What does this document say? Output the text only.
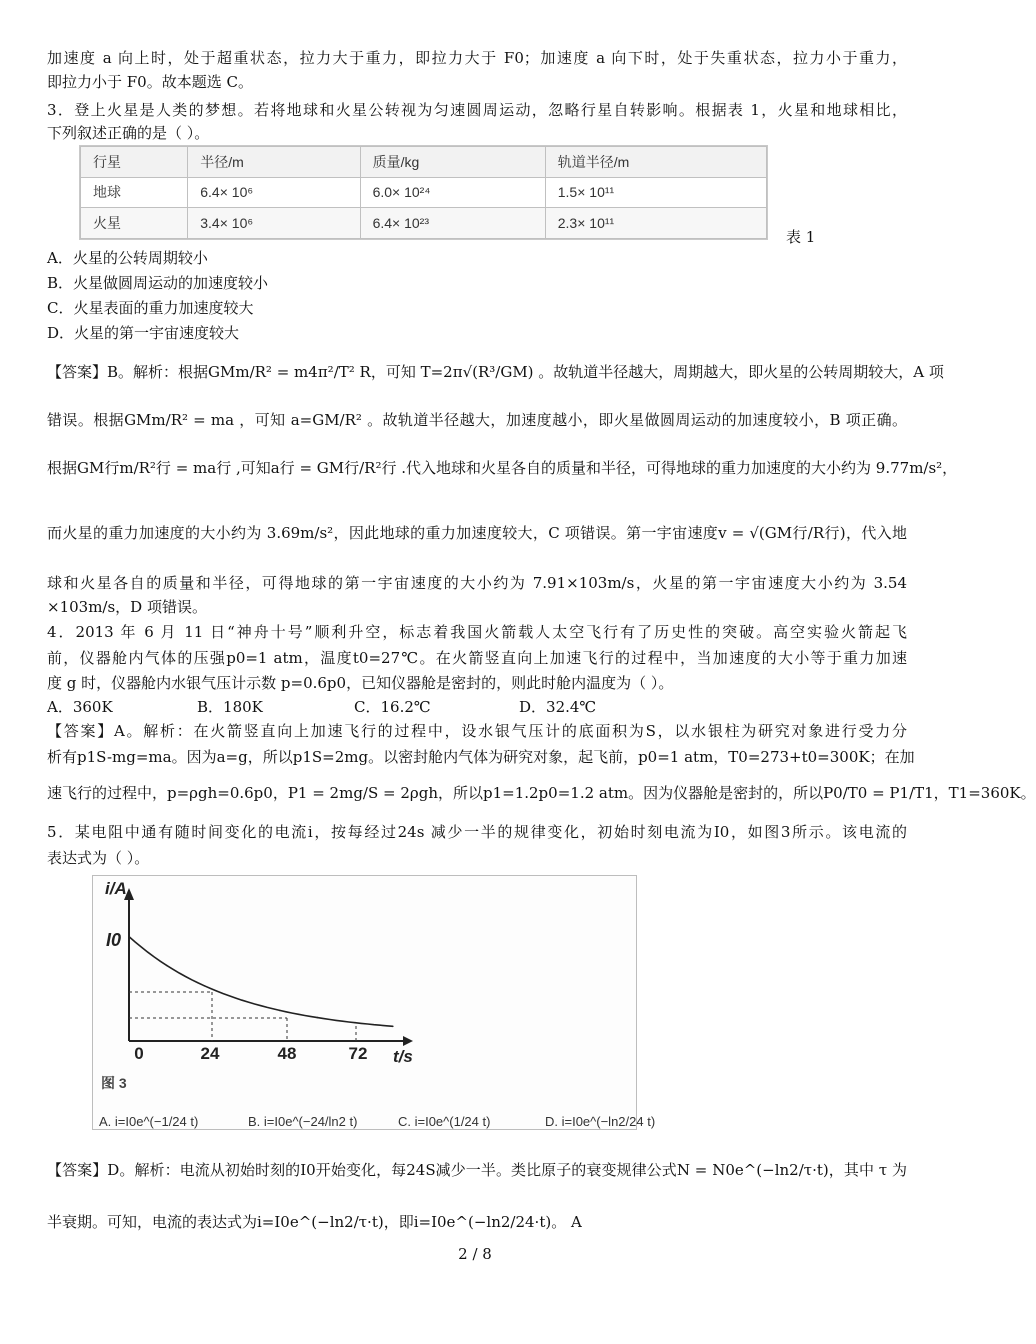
加速度 a 向上时，处于超重状态，拉力大于重力，即拉力大于 F0；加速度 a 向下时，处于失重状态，拉力小于重力，
即拉力小于 F0。故本题选 C。
3．登上火星是人类的梦想。若将地球和火星公转视为匀速圆周运动，忽略行星自转影响。根据表 1，火星和地球相比，
下列叙述正确的是（ ）。
行星	半径/m	质量/kg	轨道半径/m
地球	6.4× 10⁶	6.0× 10²⁴	1.5× 10¹¹
火星	3.4× 10⁶	6.4× 10²³	2.3× 10¹¹
表 1
A．火星的公转周期较小
B．火星做圆周运动的加速度较小
C．火星表面的重力加速度较大
D．火星的第一宇宙速度较大
【答案】B。解析：根据GMm/R² = m4π²/T² R，可知 T=2π√(R³/GM) 。故轨道半径越大，周期越大，即火星的公转周期较大，A 项
错误。根据GMm/R² = ma ，可知 a=GM/R² 。故轨道半径越大，加速度越小，即火星做圆周运动的加速度较小，B 项正确。
根据GM行m/R²行 = ma行 ,可知a行 = GM行/R²行 .代入地球和火星各自的质量和半径，可得地球的重力加速度的大小约为 9.77m/s²，
而火星的重力加速度的大小约为 3.69m/s²，因此地球的重力加速度较大，C 项错误。第一宇宙速度v = √(GM行/R行)，代入地
球和火星各自的质量和半径，可得地球的第一宇宙速度的大小约为 7.91×103m/s，火星的第一宇宙速度大小约为 3.54
×103m/s，D 项错误。
4．2013 年 6 月 11 日“神舟十号”顺利升空，标志着我国火箭载人太空飞行有了历史性的突破。高空实验火箭起飞
前，仪器舱内气体的压强p0=1 atm，温度t0=27℃。在火箭竖直向上加速飞行的过程中，当加速度的大小等于重力加速
度 g 时，仪器舱内水银气压计示数 p=0.6p0，已知仪器舱是密封的，则此时舱内温度为（ ）。
A．360K	B．180K	C．16.2℃	D．32.4℃
【答案】A。解析：在火箭竖直向上加速飞行的过程中，设水银气压计的底面积为S，以水银柱为研究对象进行受力分
析有p1S-mg=ma。因为a=g，所以p1S=2mg。以密封舱内气体为研究对象，起飞前，p0=1 atm，T0=273+t0=300K；在加
速飞行的过程中，p=ρgh=0.6p0，P1 = 2mg/S = 2ρgh，所以p1=1.2p0=1.2 atm。因为仪器舱是密封的，所以P0/T0 = P1/T1，T1=360K。
5．某电阻中通有随时间变化的电流i，按每经过24s 减少一半的规律变化，初始时刻电流为I0，如图3所示。该电流的
表达式为（ ）。
i/A
t/s
I0
0	24	48	72
图 3
A. i=I0e^(−1/24 t)	B. i=I0e^(−24/ln2 t)	C. i=I0e^(1/24 t)	D. i=I0e^(−ln2/24 t)
【答案】D。解析：电流从初始时刻的I0开始变化，每24S减少一半。类比原子的衰变规律公式N = N0e^(−ln2/τ·t)，其中 τ 为
半衰期。可知，电流的表达式为i=I0e^(−ln2/τ·t)，即i=I0e^(−ln2/24·t)。 A
2 / 8
